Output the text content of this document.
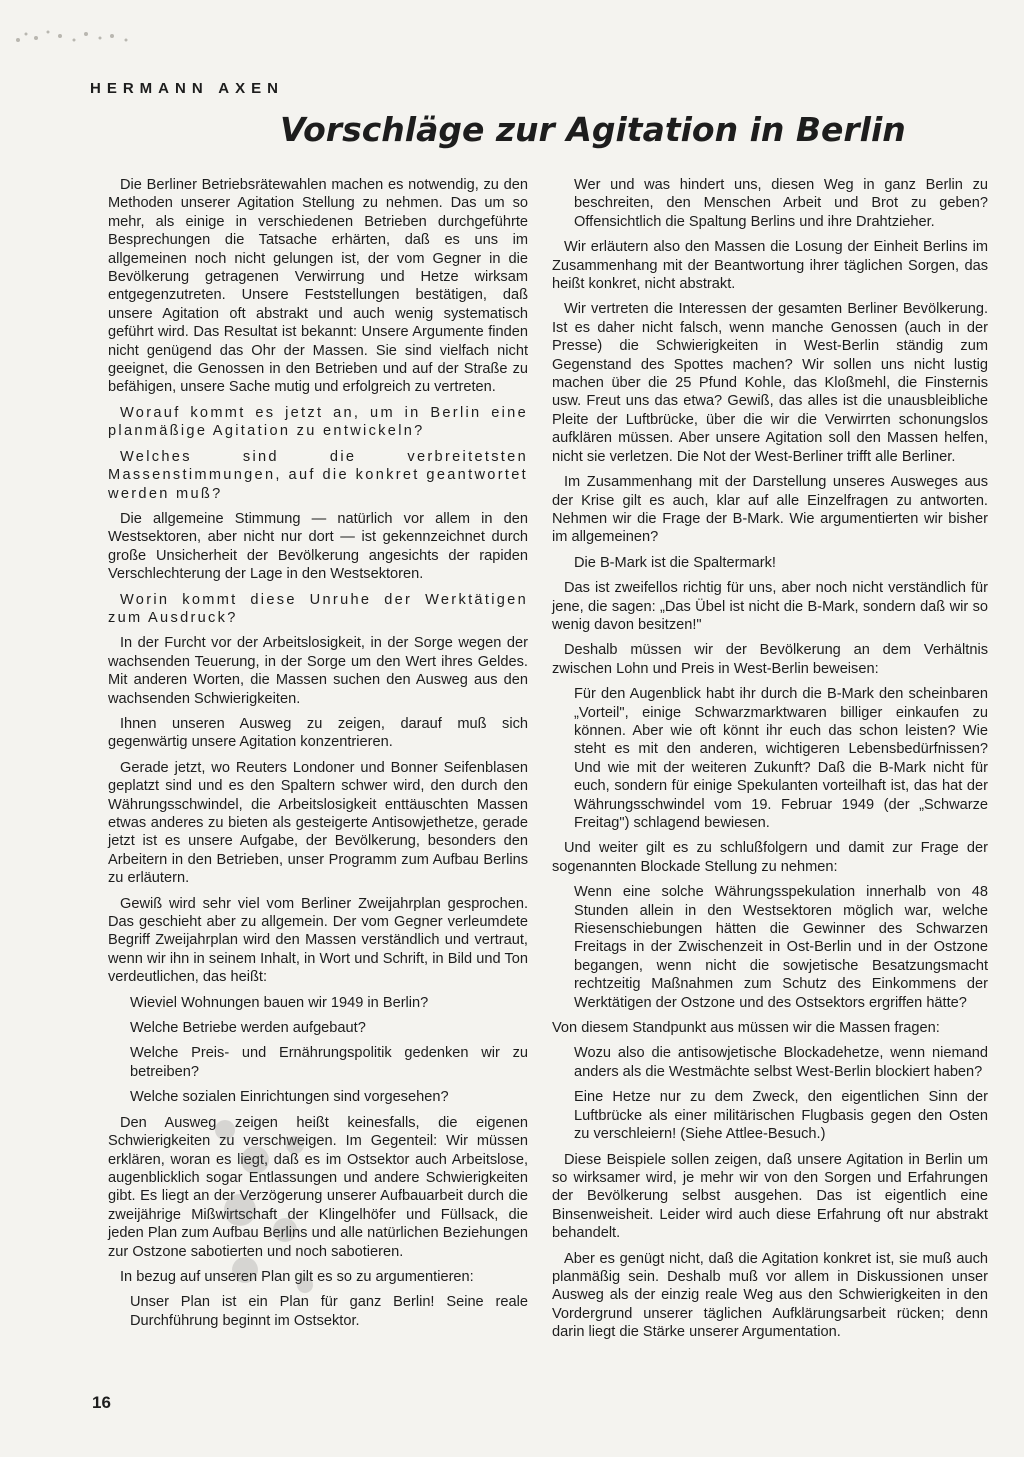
HERMANN AXEN
Vorschläge zur Agitation in Berlin

Die Berliner Betriebsrätewahlen machen es notwendig, zu den Methoden unserer Agitation Stellung zu nehmen. Das um so mehr, als einige in verschiedenen Betrieben durchgeführte Besprechungen die Tatsache erhärten, daß es uns im allgemeinen noch nicht gelungen ist, der vom Gegner in die Bevölkerung getragenen Verwirrung und Hetze wirksam entgegenzutreten. Unsere Feststellungen bestätigen, daß unsere Agitation oft abstrakt und auch wenig systematisch geführt wird. Das Resultat ist bekannt: Unsere Argumente finden nicht genügend das Ohr der Massen. Sie sind vielfach nicht geeignet, die Genossen in den Betrieben und auf der Straße zu befähigen, unsere Sache mutig und erfolgreich zu vertreten.

Worauf kommt es jetzt an, um in Berlin eine planmäßige Agitation zu entwickeln?

Welches sind die verbreitetsten Massenstimmungen, auf die konkret geantwortet werden muß?

Die allgemeine Stimmung — natürlich vor allem in den Westsektoren, aber nicht nur dort — ist gekennzeichnet durch große Unsicherheit der Bevölkerung angesichts der rapiden Verschlechterung der Lage in den Westsektoren.

Worin kommt diese Unruhe der Werktätigen zum Ausdruck?

In der Furcht vor der Arbeitslosigkeit, in der Sorge wegen der wachsenden Teuerung, in der Sorge um den Wert ihres Geldes. Mit anderen Worten, die Massen suchen den Ausweg aus den wachsenden Schwierigkeiten.

Ihnen unseren Ausweg zu zeigen, darauf muß sich gegenwärtig unsere Agitation konzentrieren.

Gerade jetzt, wo Reuters Londoner und Bonner Seifenblasen geplatzt sind und es den Spaltern schwer wird, den durch den Währungsschwindel, die Arbeitslosigkeit enttäuschten Massen etwas anderes zu bieten als gesteigerte Antisowjethetze, gerade jetzt ist es unsere Aufgabe, der Bevölkerung, besonders den Arbeitern in den Betrieben, unser Programm zum Aufbau Berlins zu erläutern.

Gewiß wird sehr viel vom Berliner Zweijahrplan gesprochen. Das geschieht aber zu allgemein. Der vom Gegner verleumdete Begriff Zweijahrplan wird den Massen verständlich und vertraut, wenn wir ihn in seinem Inhalt, in Wort und Schrift, in Bild und Ton verdeutlichen, das heißt:

Wieviel Wohnungen bauen wir 1949 in Berlin?

Welche Betriebe werden aufgebaut?

Welche Preis- und Ernährungspolitik gedenken wir zu betreiben?

Welche sozialen Einrichtungen sind vorgesehen?

Den Ausweg zeigen heißt keinesfalls, die eigenen Schwierigkeiten zu verschweigen. Im Gegenteil: Wir müssen erklären, woran es liegt, daß es im Ostsektor auch Arbeitslose, augenblicklich sogar Entlassungen und andere Schwierigkeiten gibt. Es liegt an der Verzögerung unserer Aufbauarbeit durch die zweijährige Mißwirtschaft der Klingelhöfer und Füllsack, die jeden Plan zum Aufbau Berlins und alle natürlichen Beziehungen zur Ostzone sabotierten und noch sabotieren.

In bezug auf unseren Plan gilt es so zu argumentieren:

Unser Plan ist ein Plan für ganz Berlin! Seine reale Durchführung beginnt im Ostsektor.

Wer und was hindert uns, diesen Weg in ganz Berlin zu beschreiten, den Menschen Arbeit und Brot zu geben? Offensichtlich die Spaltung Berlins und ihre Drahtzieher.

Wir erläutern also den Massen die Losung der Einheit Berlins im Zusammenhang mit der Beantwortung ihrer täglichen Sorgen, das heißt konkret, nicht abstrakt.

Wir vertreten die Interessen der gesamten Berliner Bevölkerung. Ist es daher nicht falsch, wenn manche Genossen (auch in der Presse) die Schwierigkeiten in West-Berlin ständig zum Gegenstand des Spottes machen? Wir sollen uns nicht lustig machen über die 25 Pfund Kohle, das Kloßmehl, die Finsternis usw. Freut uns das etwa? Gewiß, das alles ist die unausbleibliche Pleite der Luftbrücke, über die wir die Verwirrten schonungslos aufklären müssen. Aber unsere Agitation soll den Massen helfen, nicht sie verletzen. Die Not der West-Berliner trifft alle Berliner.

Im Zusammenhang mit der Darstellung unseres Ausweges aus der Krise gilt es auch, klar auf alle Einzelfragen zu antworten. Nehmen wir die Frage der B-Mark. Wie argumentierten wir bisher im allgemeinen?

Die B-Mark ist die Spaltermark!

Das ist zweifellos richtig für uns, aber noch nicht verständlich für jene, die sagen: „Das Übel ist nicht die B-Mark, sondern daß wir so wenig davon besitzen!"

Deshalb müssen wir der Bevölkerung an dem Verhältnis zwischen Lohn und Preis in West-Berlin beweisen:

Für den Augenblick habt ihr durch die B-Mark den scheinbaren „Vorteil", einige Schwarzmarktwaren billiger einkaufen zu können. Aber wie oft könnt ihr euch das schon leisten? Wie steht es mit den anderen, wichtigeren Lebensbedürfnissen? Und wie mit der weiteren Zukunft? Daß die B-Mark nicht für euch, sondern für einige Spekulanten vorteilhaft ist, das hat der Währungsschwindel vom 19. Februar 1949 (der „Schwarze Freitag") schlagend bewiesen.

Und weiter gilt es zu schlußfolgern und damit zur Frage der sogenannten Blockade Stellung zu nehmen:

Wenn eine solche Währungsspekulation innerhalb von 48 Stunden allein in den Westsektoren möglich war, welche Riesenschiebungen hätten die Gewinner des Schwarzen Freitags in der Zwischenzeit in Ost-Berlin und in der Ostzone begangen, wenn nicht die sowjetische Besatzungsmacht rechtzeitig Maßnahmen zum Schutz des Einkommens der Werktätigen der Ostzone und des Ostsektors ergriffen hätte?

Von diesem Standpunkt aus müssen wir die Massen fragen:

Wozu also die antisowjetische Blockadehetze, wenn niemand anders als die Westmächte selbst West-Berlin blockiert haben?

Eine Hetze nur zu dem Zweck, den eigentlichen Sinn der Luftbrücke als einer militärischen Flugbasis gegen den Osten zu verschleiern! (Siehe Attlee-Besuch.)

Diese Beispiele sollen zeigen, daß unsere Agitation in Berlin um so wirksamer wird, je mehr wir von den Sorgen und Erfahrungen der Bevölkerung selbst ausgehen. Das ist eigentlich eine Binsenweisheit. Leider wird auch diese Erfahrung oft nur abstrakt behandelt.

Aber es genügt nicht, daß die Agitation konkret ist, sie muß auch planmäßig sein. Deshalb muß vor allem in Diskussionen unser Ausweg als der einzig reale Weg aus den Schwierigkeiten in den Vordergrund unserer täglichen Aufklärungsarbeit rücken; denn darin liegt die Stärke unserer Argumentation.

16
